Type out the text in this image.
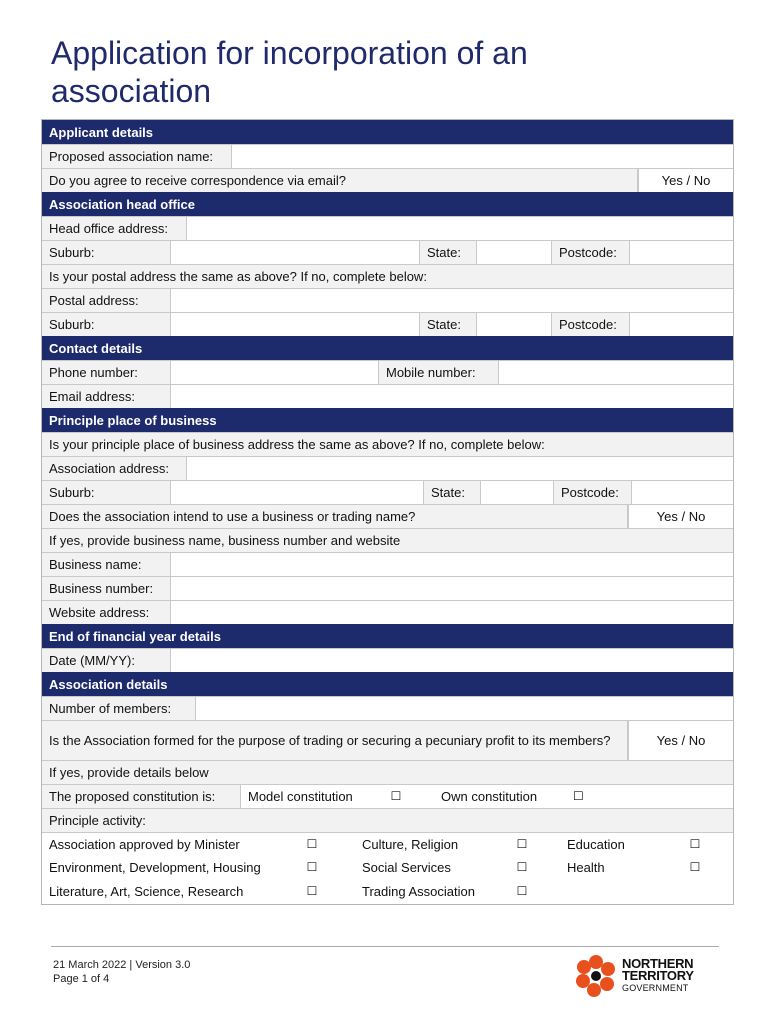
Application for incorporation of an association
Applicant details
Proposed association name:
Do you agree to receive correspondence via email?	Yes / No
Association head office
Head office address:
Suburb:	State:	Postcode:
Is your postal address the same as above? If no, complete below:
Postal address:
Suburb:	State:	Postcode:
Contact details
Phone number:	Mobile number:
Email address:
Principle place of business
Is your principle place of business address the same as above? If no, complete below:
Association address:
Suburb:	State:	Postcode:
Does the association intend to use a business or trading name?	Yes / No
If yes, provide business name, business number and website
Business name:
Business number:
Website address:
End of financial year details
Date (MM/YY):
Association details
Number of members:
Is the Association formed for the purpose of trading or securing a pecuniary profit to its members?	Yes / No
If yes, provide details below
The proposed constitution is:	Model constitution	☐	Own constitution	☐
Principle activity:
Association approved by Minister	☐	Culture, Religion	☐	Education	☐
Environment, Development, Housing	☐	Social Services	☐	Health	☐
Literature, Art, Science, Research	☐	Trading Association	☐
21 March 2022 | Version 3.0
Page 1 of 4
NORTHERN
TERRITORY
GOVERNMENT
